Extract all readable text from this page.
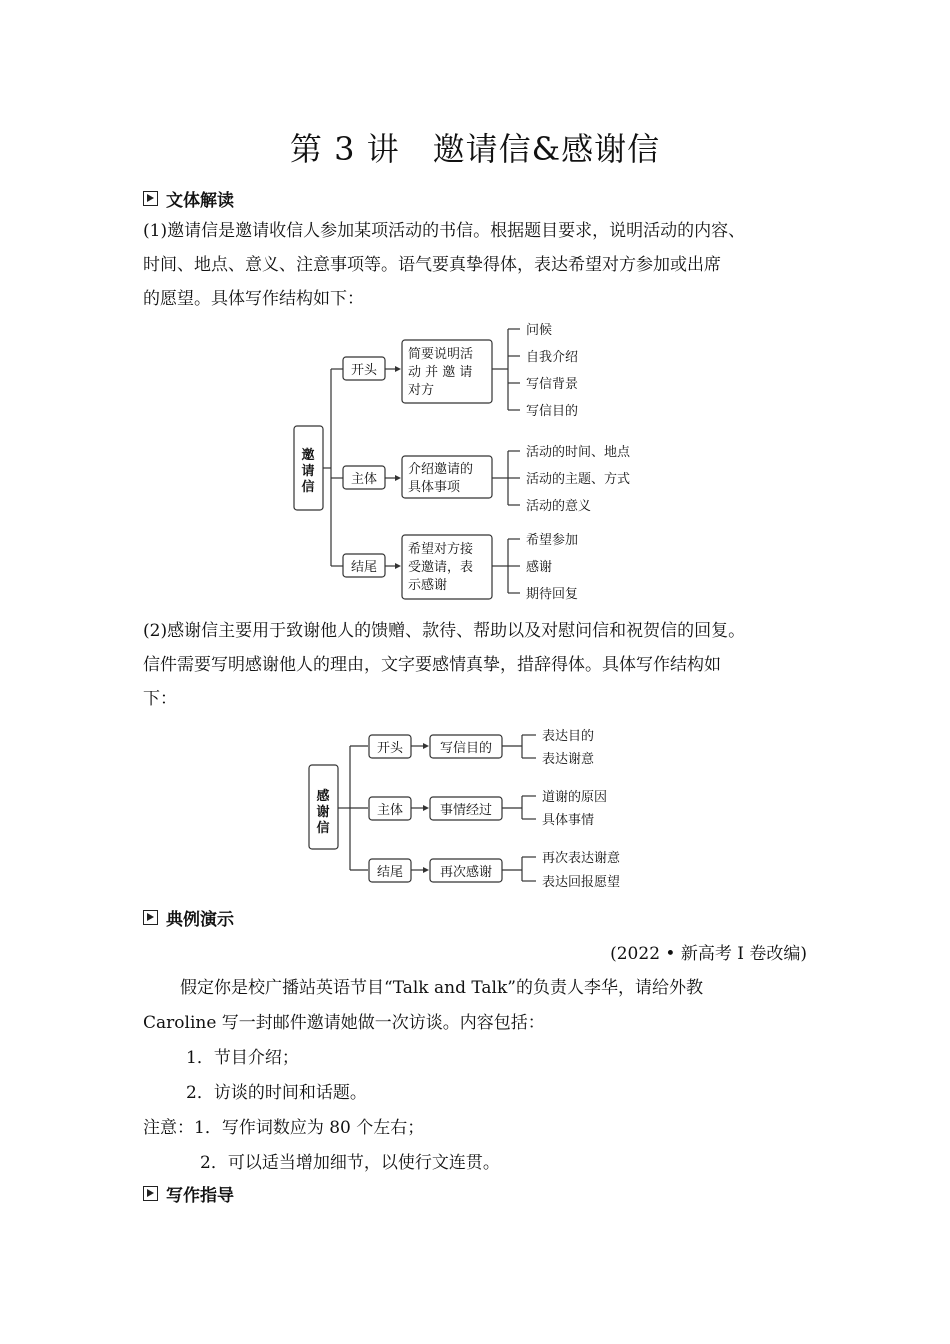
第 3 讲　邀请信&感谢信
文体解读
(1)邀请信是邀请收信人参加某项活动的书信。根据题目要求，说明活动的内容、
时间、地点、意义、注意事项等。语气要真挚得体，表达希望对方参加或出席
的愿望。具体写作结构如下：
邀
请
信
开头
简要说明活
动 并 邀 请
对方
问候
自我介绍
写信背景
写信目的
主体
介绍邀请的
具体事项
活动的时间、地点
活动的主题、方式
活动的意义
结尾
希望对方接
受邀请，表
示感谢
希望参加
感谢
期待回复
感
谢
信
开头	写信目的
表达目的
表达谢意
主体	事情经过
道谢的原因
具体事情
结尾	再次感谢
再次表达谢意
表达回报愿望
(2)感谢信主要用于致谢他人的馈赠、款待、帮助以及对慰问信和祝贺信的回复。
信件需要写明感谢他人的理由，文字要感情真挚，措辞得体。具体写作结构如
下：
典例演示
(2022 • 新高考 Ⅰ 卷改编)
假定你是校广播站英语节目“Talk and Talk”的负责人李华，请给外教
Caroline 写一封邮件邀请她做一次访谈。内容包括：
1．节目介绍；
2．访谈的时间和话题。
注意：1．写作词数应为 80 个左右；
2．可以适当增加细节，以使行文连贯。
写作指导
